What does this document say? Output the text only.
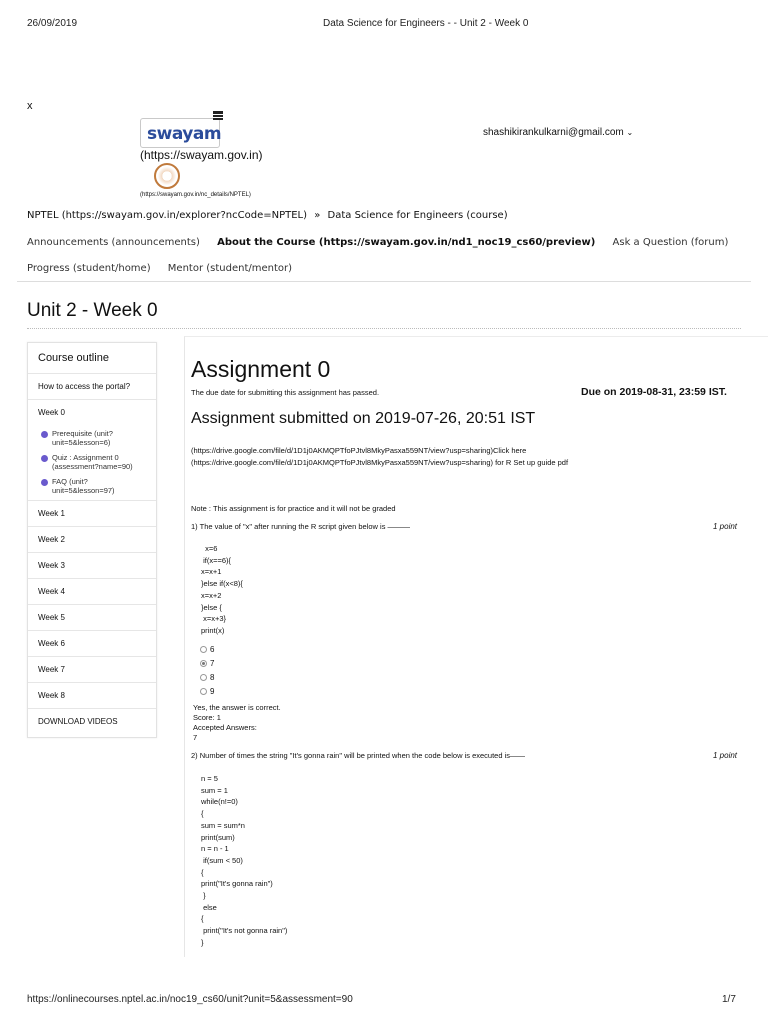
26/09/2019	Data Science for Engineers - - Unit 2 - Week 0
https://onlinecourses.nptel.ac.in/noc19_cs60/unit?unit=5&assessment=90	1/7
x
swayam
(https://swayam.gov.in)
(https://swayam.gov.in/nc_details/NPTEL)
shashikirankulkarni@gmail.com ⌄
NPTEL (https://swayam.gov.in/explorer?ncCode=NPTEL) » Data Science for Engineers (course)
Announcements (announcements) About the Course (https://swayam.gov.in/nd1_noc19_cs60/preview) Ask a Question (forum)
Progress (student/home) Mentor (student/mentor)
Unit 2 - Week 0
Course outline
How to access the portal?
Week 0
Prerequisite (unit?unit=5&lesson=6)
Quiz : Assignment 0 (assessment?name=90)
FAQ (unit?unit=5&lesson=97)
Week 1
Week 2
Week 3
Week 4
Week 5
Week 6
Week 7
Week 8
DOWNLOAD VIDEOS
Assignment 0
The due date for submitting this assignment has passed.	Due on 2019-08-31, 23:59 IST.
Assignment submitted on 2019-07-26, 20:51 IST
(https://drive.google.com/file/d/1D1j0AKMQPTfoPJtvl8MkyPasxa559NT/view?usp=sharing)Click here
(https://drive.google.com/file/d/1D1j0AKMQPTfoPJtvl8MkyPasxa559NT/view?usp=sharing) for R Set up guide pdf
Note : This assignment is for practice and it will not be graded
1) The value of "x" after running the R script given below is ———	1 point
x=6
if(x==6){
x=x+1
}else if(x<8){
x=x+2
}else {
x=x+3}
print(x)
6
7
8
9
Yes, the answer is correct.
Score: 1
Accepted Answers:
7
2) Number of times the string "It's gonna rain" will be printed when the code below is executed is——	1 point
n = 5
sum = 1
while(n!=0)
{
sum = sum*n
print(sum)
n = n - 1
if(sum < 50)
{
print("It's gonna rain")
}
else
{
print("It's not gonna rain")
}
